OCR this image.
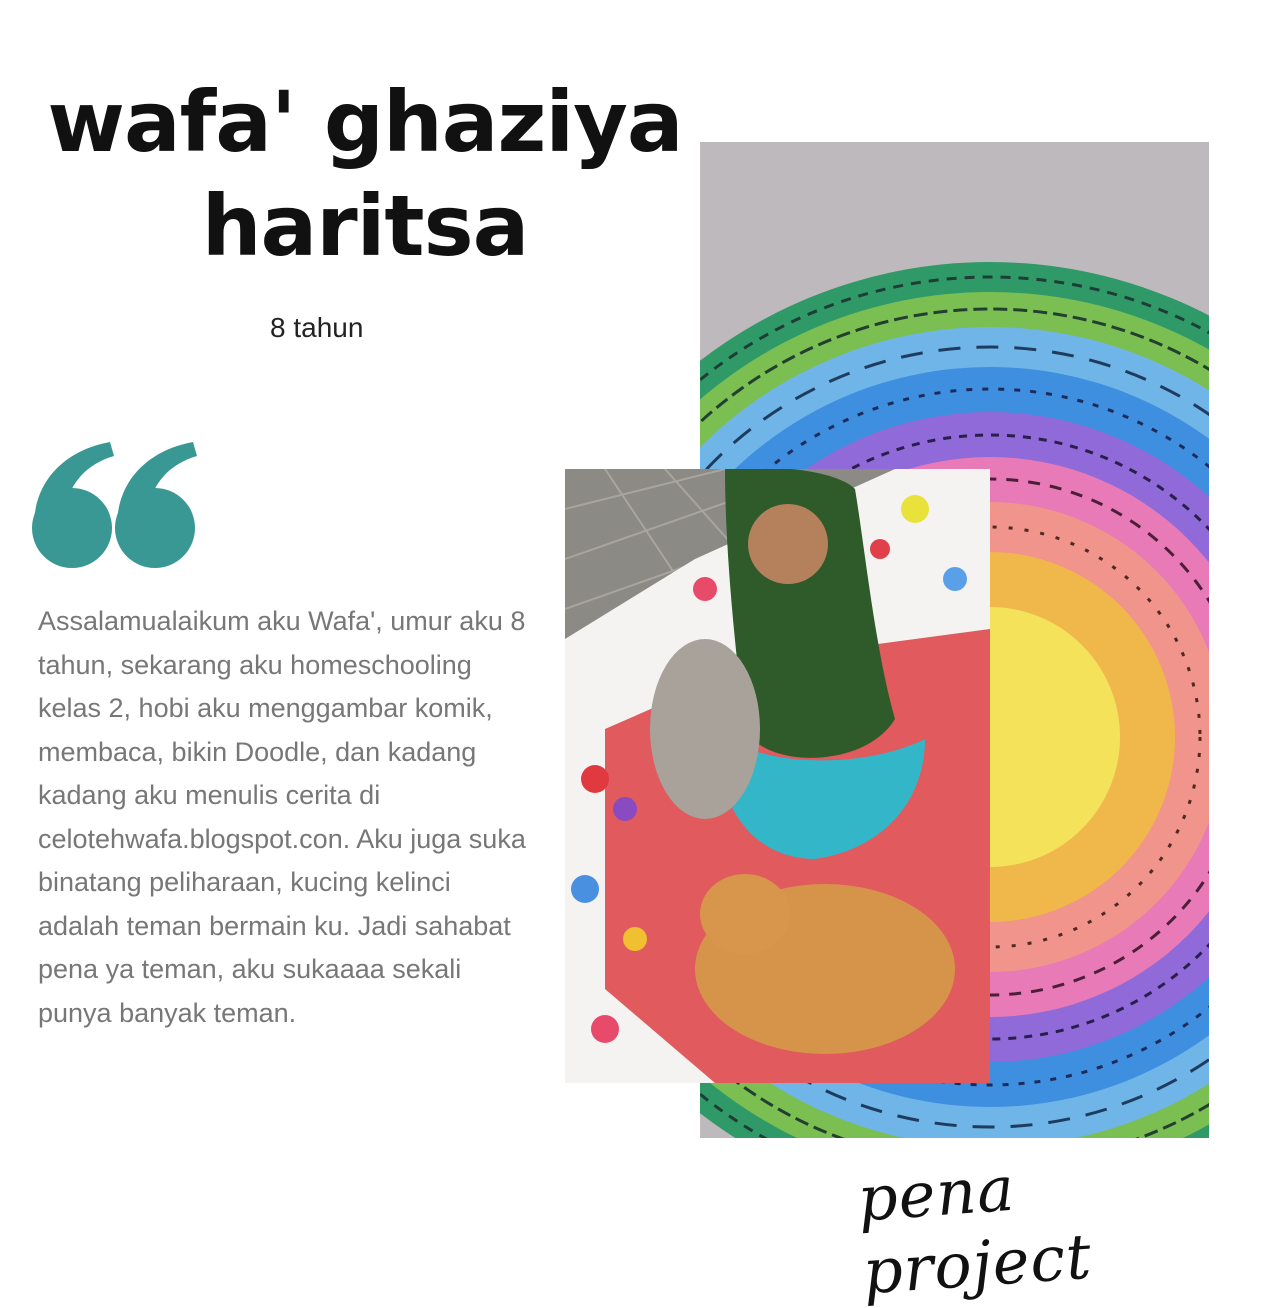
wafa' ghaziya
haritsa
8 tahun
Assalamualaikum aku Wafa', umur aku 8 tahun, sekarang aku homeschooling kelas 2, hobi aku menggambar komik, membaca, bikin Doodle, dan kadang kadang aku menulis cerita di celotehwafa.blogspot.con. Aku juga suka binatang peliharaan, kucing kelinci adalah teman bermain ku. Jadi sahabat pena ya teman, aku sukaaaa sekali punya banyak teman.
pena project
